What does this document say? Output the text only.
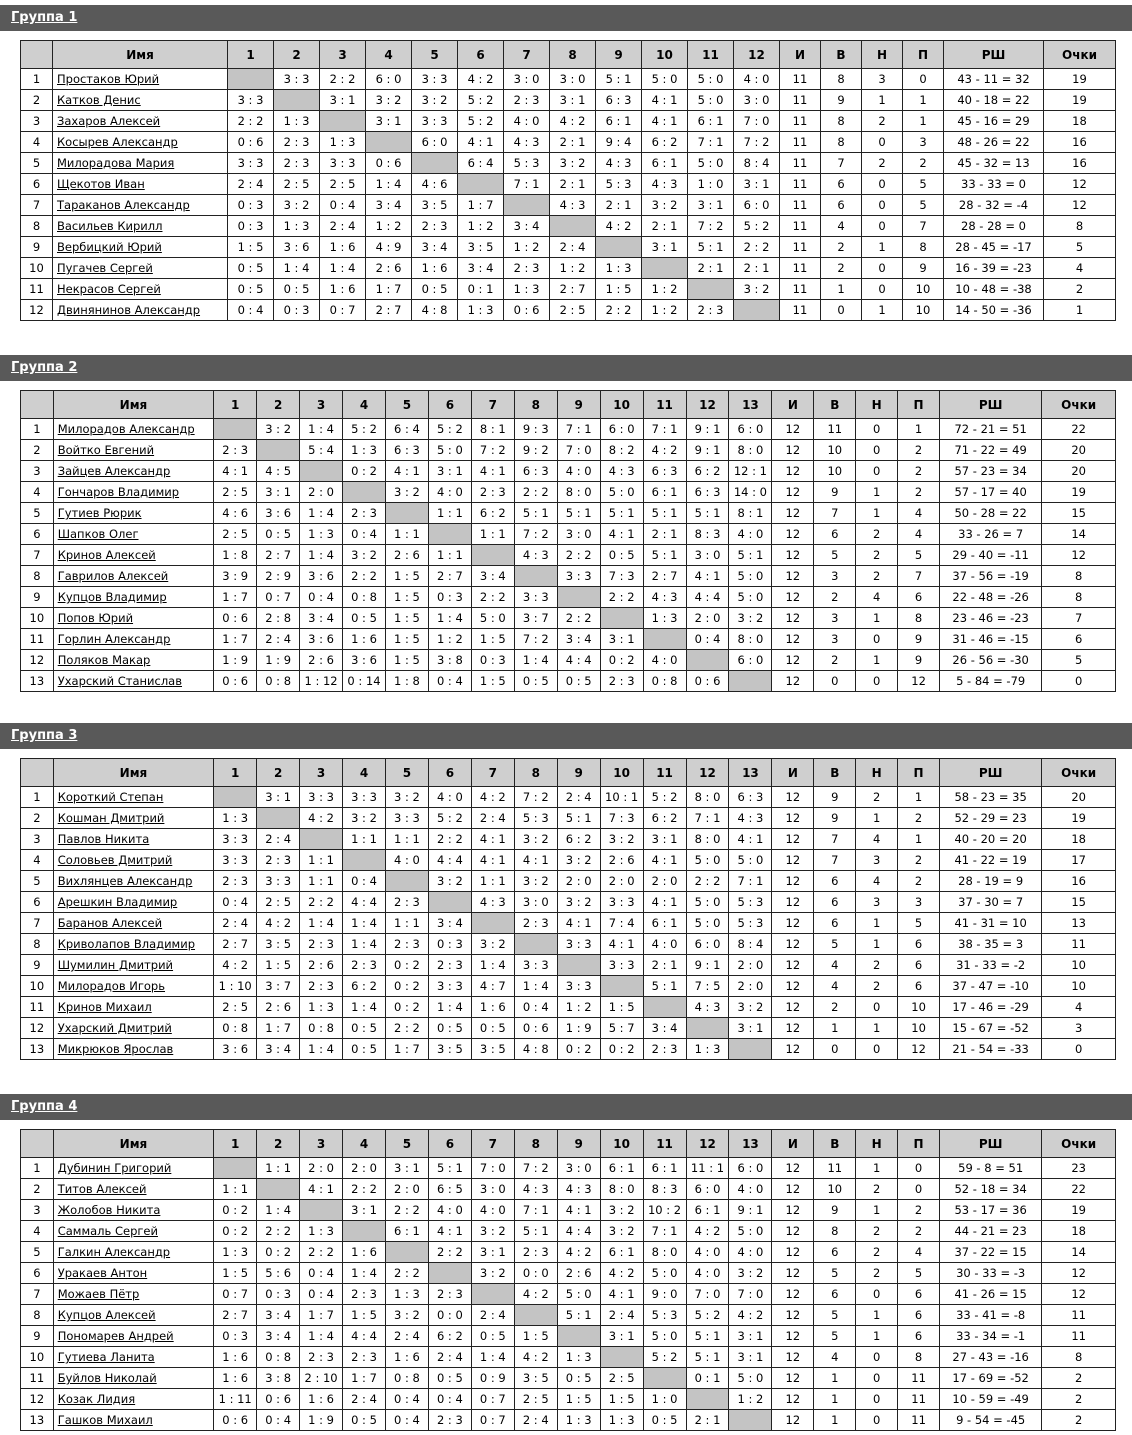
Группа 1
	Имя	1	2	3	4	5	6	7	8	9	10	11	12	И	В	Н	П	РШ	Очки
1	Простаков Юрий		3 : 3	2 : 2	6 : 0	3 : 3	4 : 2	3 : 0	3 : 0	5 : 1	5 : 0	5 : 0	4 : 0	11	8	3	0	43 - 11 = 32	19
2	Катков Денис	3 : 3		3 : 1	3 : 2	3 : 2	5 : 2	2 : 3	3 : 1	6 : 3	4 : 1	5 : 0	3 : 0	11	9	1	1	40 - 18 = 22	19
3	Захаров Алексей	2 : 2	1 : 3		3 : 1	3 : 3	5 : 2	4 : 0	4 : 2	6 : 1	4 : 1	6 : 1	7 : 0	11	8	2	1	45 - 16 = 29	18
4	Косырев Александр	0 : 6	2 : 3	1 : 3		6 : 0	4 : 1	4 : 3	2 : 1	9 : 4	6 : 2	7 : 1	7 : 2	11	8	0	3	48 - 26 = 22	16
5	Милорадова Мария	3 : 3	2 : 3	3 : 3	0 : 6		6 : 4	5 : 3	3 : 2	4 : 3	6 : 1	5 : 0	8 : 4	11	7	2	2	45 - 32 = 13	16
6	Щекотов Иван	2 : 4	2 : 5	2 : 5	1 : 4	4 : 6		7 : 1	2 : 1	5 : 3	4 : 3	1 : 0	3 : 1	11	6	0	5	33 - 33 = 0	12
7	Тараканов Александр	0 : 3	3 : 2	0 : 4	3 : 4	3 : 5	1 : 7		4 : 3	2 : 1	3 : 2	3 : 1	6 : 0	11	6	0	5	28 - 32 = -4	12
8	Васильев Кирилл	0 : 3	1 : 3	2 : 4	1 : 2	2 : 3	1 : 2	3 : 4		4 : 2	2 : 1	7 : 2	5 : 2	11	4	0	7	28 - 28 = 0	8
9	Вербицкий Юрий	1 : 5	3 : 6	1 : 6	4 : 9	3 : 4	3 : 5	1 : 2	2 : 4		3 : 1	5 : 1	2 : 2	11	2	1	8	28 - 45 = -17	5
10	Пугачев Сергей	0 : 5	1 : 4	1 : 4	2 : 6	1 : 6	3 : 4	2 : 3	1 : 2	1 : 3		2 : 1	2 : 1	11	2	0	9	16 - 39 = -23	4
11	Некрасов Сергей	0 : 5	0 : 5	1 : 6	1 : 7	0 : 5	0 : 1	1 : 3	2 : 7	1 : 5	1 : 2		3 : 2	11	1	0	10	10 - 48 = -38	2
12	Двинянинов Александр	0 : 4	0 : 3	0 : 7	2 : 7	4 : 8	1 : 3	0 : 6	2 : 5	2 : 2	1 : 2	2 : 3		11	0	1	10	14 - 50 = -36	1
Группа 2
	Имя	1	2	3	4	5	6	7	8	9	10	11	12	13	И	В	Н	П	РШ	Очки
1	Милорадов Александр		3 : 2	1 : 4	5 : 2	6 : 4	5 : 2	8 : 1	9 : 3	7 : 1	6 : 0	7 : 1	9 : 1	6 : 0	12	11	0	1	72 - 21 = 51	22
2	Войтко Евгений	2 : 3		5 : 4	1 : 3	6 : 3	5 : 0	7 : 2	9 : 2	7 : 0	8 : 2	4 : 2	9 : 1	8 : 0	12	10	0	2	71 - 22 = 49	20
3	Зайцев Александр	4 : 1	4 : 5		0 : 2	4 : 1	3 : 1	4 : 1	6 : 3	4 : 0	4 : 3	6 : 3	6 : 2	12 : 1	12	10	0	2	57 - 23 = 34	20
4	Гончаров Владимир	2 : 5	3 : 1	2 : 0		3 : 2	4 : 0	2 : 3	2 : 2	8 : 0	5 : 0	6 : 1	6 : 3	14 : 0	12	9	1	2	57 - 17 = 40	19
5	Гутиев Рюрик	4 : 6	3 : 6	1 : 4	2 : 3		1 : 1	6 : 2	5 : 1	5 : 1	5 : 1	5 : 1	5 : 1	8 : 1	12	7	1	4	50 - 28 = 22	15
6	Шапков Олег	2 : 5	0 : 5	1 : 3	0 : 4	1 : 1		1 : 1	7 : 2	3 : 0	4 : 1	2 : 1	8 : 3	4 : 0	12	6	2	4	33 - 26 = 7	14
7	Кринов Алексей	1 : 8	2 : 7	1 : 4	3 : 2	2 : 6	1 : 1		4 : 3	2 : 2	0 : 5	5 : 1	3 : 0	5 : 1	12	5	2	5	29 - 40 = -11	12
8	Гаврилов Алексей	3 : 9	2 : 9	3 : 6	2 : 2	1 : 5	2 : 7	3 : 4		3 : 3	7 : 3	2 : 7	4 : 1	5 : 0	12	3	2	7	37 - 56 = -19	8
9	Купцов Владимир	1 : 7	0 : 7	0 : 4	0 : 8	1 : 5	0 : 3	2 : 2	3 : 3		2 : 2	4 : 3	4 : 4	5 : 0	12	2	4	6	22 - 48 = -26	8
10	Попов Юрий	0 : 6	2 : 8	3 : 4	0 : 5	1 : 5	1 : 4	5 : 0	3 : 7	2 : 2		1 : 3	2 : 0	3 : 2	12	3	1	8	23 - 46 = -23	7
11	Горлин Александр	1 : 7	2 : 4	3 : 6	1 : 6	1 : 5	1 : 2	1 : 5	7 : 2	3 : 4	3 : 1		0 : 4	8 : 0	12	3	0	9	31 - 46 = -15	6
12	Поляков Макар	1 : 9	1 : 9	2 : 6	3 : 6	1 : 5	3 : 8	0 : 3	1 : 4	4 : 4	0 : 2	4 : 0		6 : 0	12	2	1	9	26 - 56 = -30	5
13	Ухарский Станислав	0 : 6	0 : 8	1 : 12	0 : 14	1 : 8	0 : 4	1 : 5	0 : 5	0 : 5	2 : 3	0 : 8	0 : 6		12	0	0	12	5 - 84 = -79	0
Группа 3
	Имя	1	2	3	4	5	6	7	8	9	10	11	12	13	И	В	Н	П	РШ	Очки
1	Короткий Степан		3 : 1	3 : 3	3 : 3	3 : 2	4 : 0	4 : 2	7 : 2	2 : 4	10 : 1	5 : 2	8 : 0	6 : 3	12	9	2	1	58 - 23 = 35	20
2	Кошман Дмитрий	1 : 3		4 : 2	3 : 2	3 : 3	5 : 2	2 : 4	5 : 3	5 : 1	7 : 3	6 : 2	7 : 1	4 : 3	12	9	1	2	52 - 29 = 23	19
3	Павлов Никита	3 : 3	2 : 4		1 : 1	1 : 1	2 : 2	4 : 1	3 : 2	6 : 2	3 : 2	3 : 1	8 : 0	4 : 1	12	7	4	1	40 - 20 = 20	18
4	Соловьев Дмитрий	3 : 3	2 : 3	1 : 1		4 : 0	4 : 4	4 : 1	4 : 1	3 : 2	2 : 6	4 : 1	5 : 0	5 : 0	12	7	3	2	41 - 22 = 19	17
5	Вихлянцев Александр	2 : 3	3 : 3	1 : 1	0 : 4		3 : 2	1 : 1	3 : 2	2 : 0	2 : 0	2 : 0	2 : 2	7 : 1	12	6	4	2	28 - 19 = 9	16
6	Арешкин Владимир	0 : 4	2 : 5	2 : 2	4 : 4	2 : 3		4 : 3	3 : 0	3 : 2	3 : 3	4 : 1	5 : 0	5 : 3	12	6	3	3	37 - 30 = 7	15
7	Баранов Алексей	2 : 4	4 : 2	1 : 4	1 : 4	1 : 1	3 : 4		2 : 3	4 : 1	7 : 4	6 : 1	5 : 0	5 : 3	12	6	1	5	41 - 31 = 10	13
8	Криволапов Владимир	2 : 7	3 : 5	2 : 3	1 : 4	2 : 3	0 : 3	3 : 2		3 : 3	4 : 1	4 : 0	6 : 0	8 : 4	12	5	1	6	38 - 35 = 3	11
9	Шумилин Дмитрий	4 : 2	1 : 5	2 : 6	2 : 3	0 : 2	2 : 3	1 : 4	3 : 3		3 : 3	2 : 1	9 : 1	2 : 0	12	4	2	6	31 - 33 = -2	10
10	Милорадов Игорь	1 : 10	3 : 7	2 : 3	6 : 2	0 : 2	3 : 3	4 : 7	1 : 4	3 : 3		5 : 1	7 : 5	2 : 0	12	4	2	6	37 - 47 = -10	10
11	Кринов Михаил	2 : 5	2 : 6	1 : 3	1 : 4	0 : 2	1 : 4	1 : 6	0 : 4	1 : 2	1 : 5		4 : 3	3 : 2	12	2	0	10	17 - 46 = -29	4
12	Ухарский Дмитрий	0 : 8	1 : 7	0 : 8	0 : 5	2 : 2	0 : 5	0 : 5	0 : 6	1 : 9	5 : 7	3 : 4		3 : 1	12	1	1	10	15 - 67 = -52	3
13	Микрюков Ярослав	3 : 6	3 : 4	1 : 4	0 : 5	1 : 7	3 : 5	3 : 5	4 : 8	0 : 2	0 : 2	2 : 3	1 : 3		12	0	0	12	21 - 54 = -33	0
Группа 4
	Имя	1	2	3	4	5	6	7	8	9	10	11	12	13	И	В	Н	П	РШ	Очки
1	Дубинин Григорий		1 : 1	2 : 0	2 : 0	3 : 1	5 : 1	7 : 0	7 : 2	3 : 0	6 : 1	6 : 1	11 : 1	6 : 0	12	11	1	0	59 - 8 = 51	23
2	Титов Алексей	1 : 1		4 : 1	2 : 2	2 : 0	6 : 5	3 : 0	4 : 3	4 : 3	8 : 0	8 : 3	6 : 0	4 : 0	12	10	2	0	52 - 18 = 34	22
3	Жолобов Никита	0 : 2	1 : 4		3 : 1	2 : 2	4 : 0	4 : 0	7 : 1	4 : 1	3 : 2	10 : 2	6 : 1	9 : 1	12	9	1	2	53 - 17 = 36	19
4	Саммаль Сергей	0 : 2	2 : 2	1 : 3		6 : 1	4 : 1	3 : 2	5 : 1	4 : 4	3 : 2	7 : 1	4 : 2	5 : 0	12	8	2	2	44 - 21 = 23	18
5	Галкин Александр	1 : 3	0 : 2	2 : 2	1 : 6		2 : 2	3 : 1	2 : 3	4 : 2	6 : 1	8 : 0	4 : 0	4 : 0	12	6	2	4	37 - 22 = 15	14
6	Уракаев Антон	1 : 5	5 : 6	0 : 4	1 : 4	2 : 2		3 : 2	0 : 0	2 : 6	4 : 2	5 : 0	4 : 0	3 : 2	12	5	2	5	30 - 33 = -3	12
7	Можаев Пётр	0 : 7	0 : 3	0 : 4	2 : 3	1 : 3	2 : 3		4 : 2	5 : 0	4 : 1	9 : 0	7 : 0	7 : 0	12	6	0	6	41 - 26 = 15	12
8	Купцов Алексей	2 : 7	3 : 4	1 : 7	1 : 5	3 : 2	0 : 0	2 : 4		5 : 1	2 : 4	5 : 3	5 : 2	4 : 2	12	5	1	6	33 - 41 = -8	11
9	Пономарев Андрей	0 : 3	3 : 4	1 : 4	4 : 4	2 : 4	6 : 2	0 : 5	1 : 5		3 : 1	5 : 0	5 : 1	3 : 1	12	5	1	6	33 - 34 = -1	11
10	Гутиева Ланита	1 : 6	0 : 8	2 : 3	2 : 3	1 : 6	2 : 4	1 : 4	4 : 2	1 : 3		5 : 2	5 : 1	3 : 1	12	4	0	8	27 - 43 = -16	8
11	Буйлов Николай	1 : 6	3 : 8	2 : 10	1 : 7	0 : 8	0 : 5	0 : 9	3 : 5	0 : 5	2 : 5		0 : 1	5 : 0	12	1	0	11	17 - 69 = -52	2
12	Козак Лидия	1 : 11	0 : 6	1 : 6	2 : 4	0 : 4	0 : 4	0 : 7	2 : 5	1 : 5	1 : 5	1 : 0		1 : 2	12	1	0	11	10 - 59 = -49	2
13	Гашков Михаил	0 : 6	0 : 4	1 : 9	0 : 5	0 : 4	2 : 3	0 : 7	2 : 4	1 : 3	1 : 3	0 : 5	2 : 1		12	1	0	11	9 - 54 = -45	2
